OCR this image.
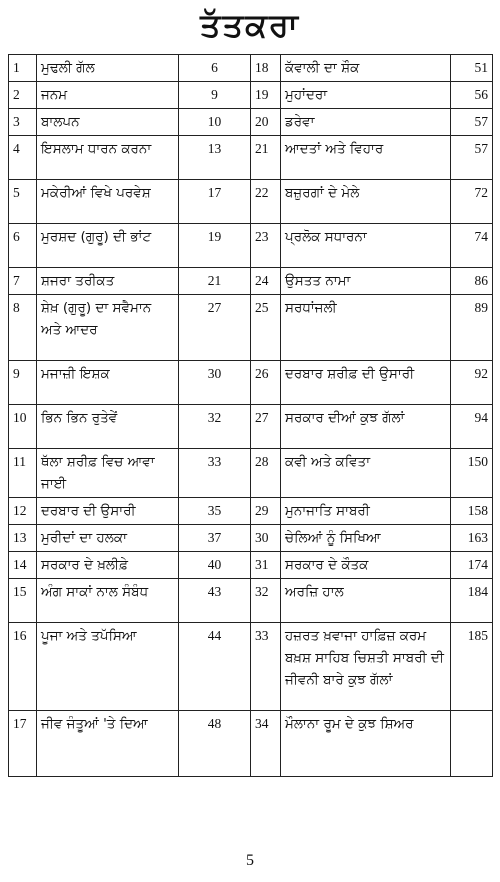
ਤੱਤਕਰਾ
1	ਮੁਢਲੀ ਗੱਲ	6	18	ਕੱਵਾਲੀ ਦਾ ਸ਼ੌਕ	51
2	ਜਨਮ	9	19	ਮੁਹਾਂਦਰਾ	56
3	ਬਾਲਪਨ	10	20	ਡਰੇਵਾ	57
4	ਇਸਲਾਮ ਧਾਰਨ ਕਰਨਾ	13	21	ਆਦਤਾਂ ਅਤੇ ਵਿਹਾਰ	57
5	ਮਕੇਰੀਆਂ ਵਿਖੇ ਪਰਵੇਸ਼	17	22	ਬਜ਼ੁਰਗਾਂ ਦੇ ਮੇਲੇ	72
6	ਮੁਰਸ਼ਦ (ਗੁਰੂ) ਦੀ ਭਾਂਟ	19	23	ਪ੍ਰਲੋਕ ਸਧਾਰਨਾ	74
7	ਸ਼ਜਰਾ ਤਰੀਕਤ	21	24	ਉਸਤਤ ਨਾਮਾ	86
8	ਸ਼ੇਖ਼ (ਗੁਰੂ) ਦਾ ਸਵੈਮਾਨ ਅਤੇ ਆਦਰ	27	25	ਸਰਧਾਂਜਲੀ	89
9	ਮਜਾਜ਼ੀ ਇਸ਼ਕ	30	26	ਦਰਬਾਰ ਸ਼ਰੀਫ਼ ਦੀ ਉਸਾਰੀ	92
10	ਭਿਨ ਭਿਨ ਰੁਤੇਵੇਂ	32	27	ਸਰਕਾਰ ਦੀਆਂ ਕੁਝ ਗੱਲਾਂ	94
11	ਥੱਲਾ ਸ਼ਰੀਫ਼ ਵਿਚ ਆਵਾ ਜਾਈ	33	28	ਕਵੀ ਅਤੇ ਕਵਿਤਾ	150
12	ਦਰਬਾਰ ਦੀ ਉਸਾਰੀ	35	29	ਮੁਨਾਜਾਤਿ ਸਾਬਰੀ	158
13	ਮੁਰੀਦਾਂ ਦਾ ਹਲਕਾ	37	30	ਚੇਲਿਆਂ ਨੂੰ ਸਿਖਿਆ	163
14	ਸਰਕਾਰ ਦੇ ਖ਼ਲੀਫ਼ੇ	40	31	ਸਰਕਾਰ ਦੇ ਕੌਤਕ	174
15	ਅੰਗ ਸਾਕਾਂ ਨਾਲ ਸੰਬੰਧ	43	32	ਅਰਜ਼ਿ ਹਾਲ	184
16	ਪੂਜਾ ਅਤੇ ਤਪੱਸਿਆ	44	33	ਹਜ਼ਰਤ ਖ਼ਵਾਜਾ ਹਾਫ਼ਿਜ਼ ਕਰਮ ਬਖ਼ਸ਼ ਸਾਹਿਬ ਚਿਸ਼ਤੀ ਸਾਬਰੀ ਦੀ ਜੀਵਨੀ ਬਾਰੇ ਕੁਝ ਗੱਲਾਂ	185
17	ਜੀਵ ਜੰਤੂਆਂ 'ਤੇ ਦਿਆ	48	34	ਮੌਲਾਨਾ ਰੂਮ ਦੇ ਕੁਝ ਸ਼ਿਅਰ	
5
